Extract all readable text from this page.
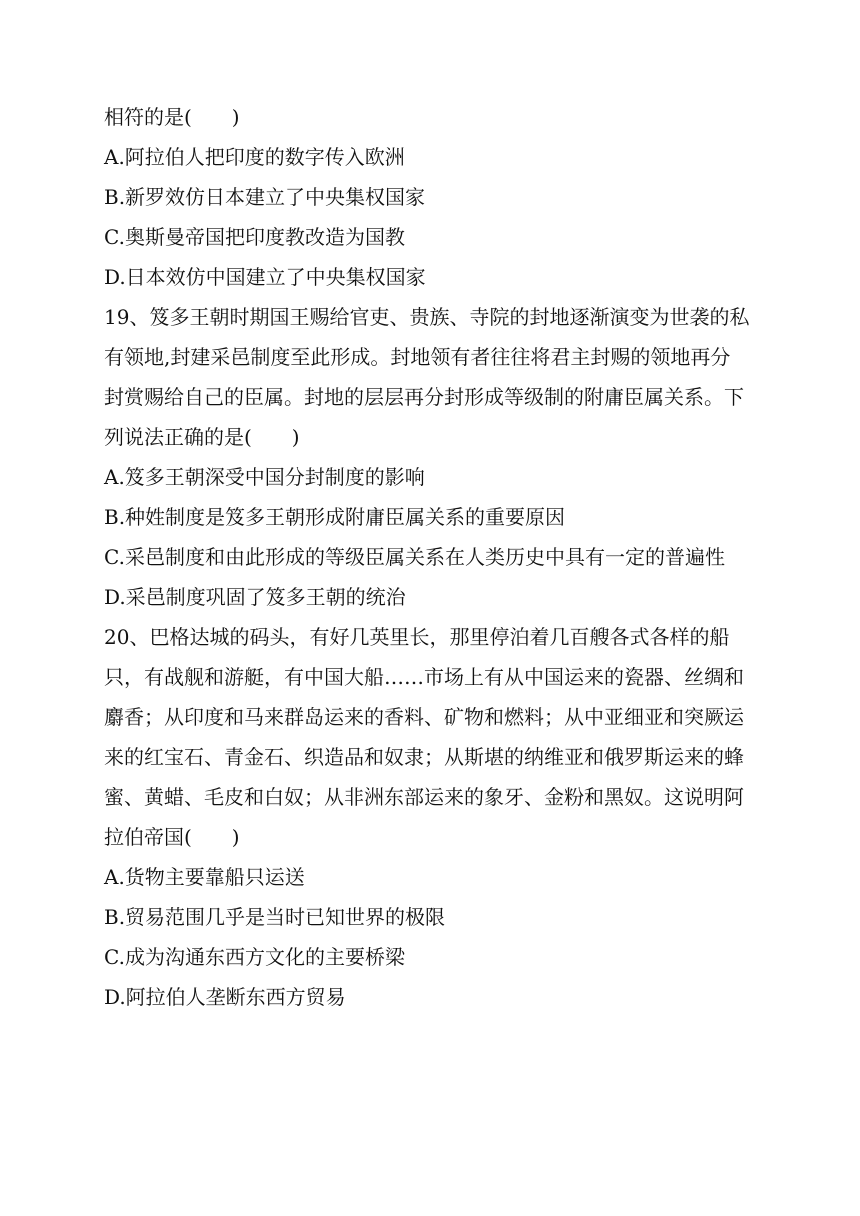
相符的是(　　)
A.阿拉伯人把印度的数字传入欧洲
B.新罗效仿日本建立了中央集权国家
C.奥斯曼帝国把印度教改造为国教
D.日本效仿中国建立了中央集权国家
19、笈多王朝时期国王赐给官吏、贵族、寺院的封地逐渐演变为世袭的私
有领地,封建采邑制度至此形成。封地领有者往往将君主封赐的领地再分
封赏赐给自己的臣属。封地的层层再分封形成等级制的附庸臣属关系。下
列说法正确的是(　　)
A.笈多王朝深受中国分封制度的影响
B.种姓制度是笈多王朝形成附庸臣属关系的重要原因
C.采邑制度和由此形成的等级臣属关系在人类历史中具有一定的普遍性
D.采邑制度巩固了笈多王朝的统治
20、巴格达城的码头，有好几英里长，那里停泊着几百艘各式各样的船
只，有战舰和游艇，有中国大船……市场上有从中国运来的瓷器、丝绸和
麝香；从印度和马来群岛运来的香料、矿物和燃料；从中亚细亚和突厥运
来的红宝石、青金石、织造品和奴隶；从斯堪的纳维亚和俄罗斯运来的蜂
蜜、黄蜡、毛皮和白奴；从非洲东部运来的象牙、金粉和黑奴。这说明阿
拉伯帝国(　　)
A.货物主要靠船只运送
B.贸易范围几乎是当时已知世界的极限
C.成为沟通东西方文化的主要桥梁
D.阿拉伯人垄断东西方贸易
